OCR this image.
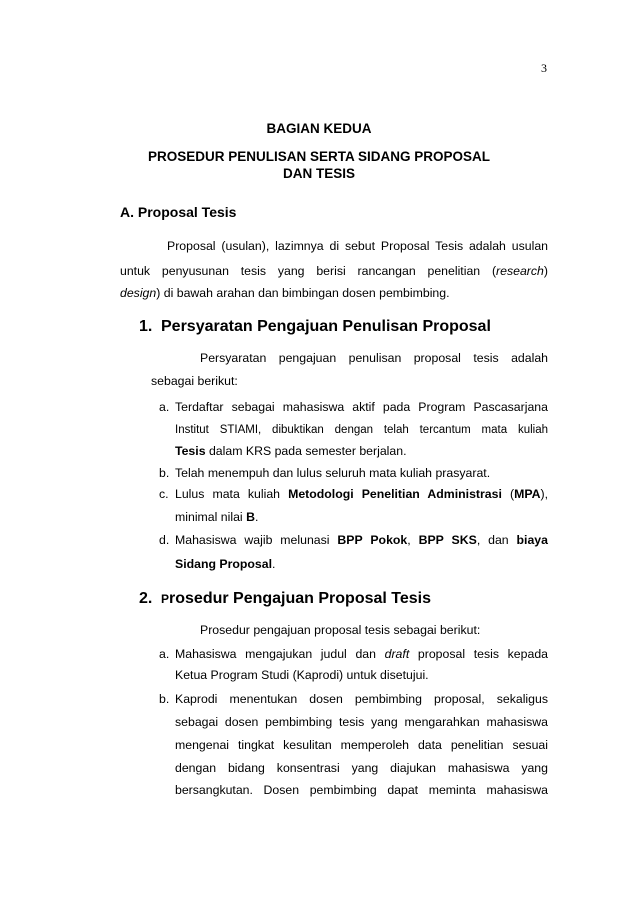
3
BAGIAN KEDUA
PROSEDUR PENULISAN SERTA SIDANG PROPOSAL
DAN TESIS
A. Proposal Tesis
Proposal (usulan), lazimnya di sebut Proposal Tesis adalah usulan
untuk penyusunan tesis yang berisi rancangan penelitian (research)
design) di bawah arahan dan bimbingan dosen pembimbing.
1. Persyaratan Pengajuan Penulisan Proposal
Persyaratan pengajuan penulisan proposal tesis adalah
sebagai berikut:
a. Terdaftar sebagai mahasiswa aktif pada Program Pascasarjana
Institut STIAMI, dibuktikan dengan telah tercantum mata kuliah
Tesis dalam KRS pada semester berjalan.
b. Telah menempuh dan lulus seluruh mata kuliah prasyarat.
c. Lulus mata kuliah Metodologi Penelitian Administrasi (MPA),
minimal nilai B.
d. Mahasiswa wajib melunasi BPP Pokok, BPP SKS, dan biaya
Sidang Proposal.
2. Prosedur Pengajuan Proposal Tesis
Prosedur pengajuan proposal tesis sebagai berikut:
a. Mahasiswa mengajukan judul dan draft proposal tesis kepada
Ketua Program Studi (Kaprodi) untuk disetujui.
b. Kaprodi menentukan dosen pembimbing proposal, sekaligus
sebagai dosen pembimbing tesis yang mengarahkan mahasiswa
mengenai tingkat kesulitan memperoleh data penelitian sesuai
dengan bidang konsentrasi yang diajukan mahasiswa yang
bersangkutan. Dosen pembimbing dapat meminta mahasiswa
